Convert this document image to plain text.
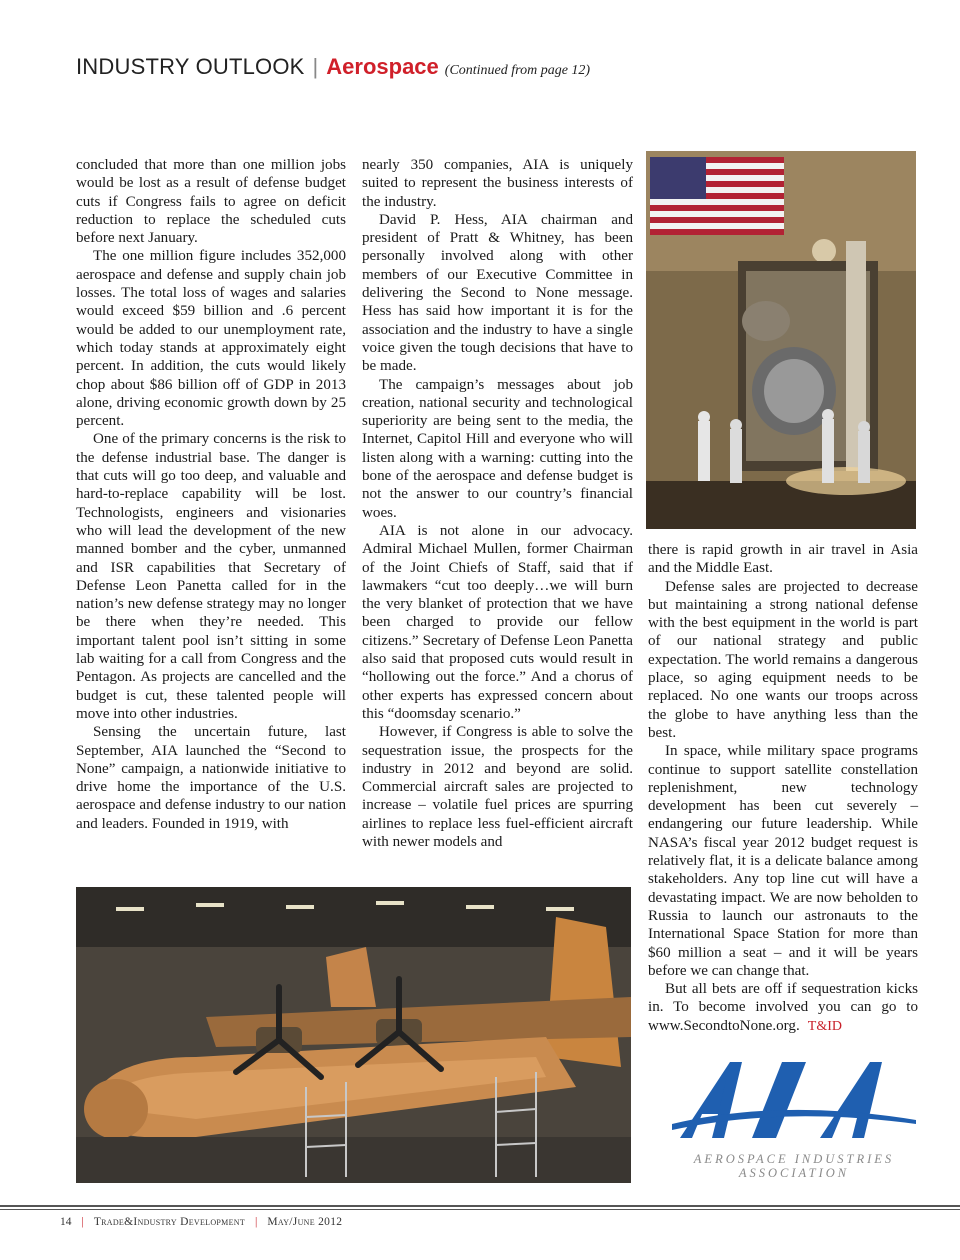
INDUSTRY OUTLOOK | Aerospace (Continued from page 12)

concluded that more than one million jobs would be lost as a result of defense budget cuts if Congress fails to agree on deficit reduction to replace the scheduled cuts before next January.

The one million figure includes 352,000 aerospace and defense and supply chain job losses. The total loss of wages and salaries would exceed $59 billion and .6 percent would be added to our unemployment rate, which today stands at approximately eight percent. In addition, the cuts would likely chop about $86 billion off of GDP in 2013 alone, driving economic growth down by 25 percent.

One of the primary concerns is the risk to the defense industrial base. The danger is that cuts will go too deep, and valuable and hard-to-replace capability will be lost. Technologists, engineers and visionaries who will lead the development of the new manned bomber and the cyber, unmanned and ISR capabilities that Secretary of Defense Leon Panetta called for in the nation’s new defense strategy may no longer be there when they’re needed. This important talent pool isn’t sitting in some lab waiting for a call from Congress and the Pentagon. As projects are cancelled and the budget is cut, these talented people will move into other industries.

Sensing the uncertain future, last September, AIA launched the “Second to None” campaign, a nationwide initiative to drive home the importance of the U.S. aerospace and defense industry to our nation and leaders. Founded in 1919, with

nearly 350 companies, AIA is uniquely suited to represent the business interests of the industry.

David P. Hess, AIA chairman and president of Pratt & Whitney, has been personally involved along with other members of our Executive Committee in delivering the Second to None message. Hess has said how important it is for the association and the industry to have a single voice given the tough decisions that have to be made.

The campaign’s messages about job creation, national security and technological superiority are being sent to the media, the Internet, Capitol Hill and everyone who will listen along with a warning: cutting into the bone of the aerospace and defense budget is not the answer to our country’s financial woes.

AIA is not alone in our advocacy. Admiral Michael Mullen, former Chairman of the Joint Chiefs of Staff, said that if lawmakers “cut too deeply…we will burn the very blanket of protection that we have been charged to provide our fellow citizens.” Secretary of Defense Leon Panetta also said that proposed cuts would result in “hollowing out the force.” And a chorus of other experts has expressed concern about this “doomsday scenario.”

However, if Congress is able to solve the sequestration issue, the prospects for the industry in 2012 and beyond are solid. Commercial aircraft sales are projected to increase – volatile fuel prices are spurring airlines to replace less fuel-efficient aircraft with newer models and

there is rapid growth in air travel in Asia and the Middle East.

Defense sales are projected to decrease but maintaining a strong national defense with the best equipment in the world is part of our national strategy and public expectation. The world remains a dangerous place, so aging equipment needs to be replaced. No one wants our troops across the globe to have anything less than the best.

In space, while military space programs continue to support satellite constellation replenishment, new technology development has been cut severely – endangering our future leadership. While NASA’s fiscal year 2012 budget request is relatively flat, it is a delicate balance among stakeholders. Any top line cut will have a devastating impact. We are now beholden to Russia to launch our astronauts to the International Space Station for more than $60 million a seat – and it will be years before we can change that.

But all bets are off if sequestration kicks in. To become involved you can go to www.SecondtoNone.org. T&ID

AEROSPACE INDUSTRIES
ASSOCIATION
14 | Trade&Industry Development | May/June 2012
